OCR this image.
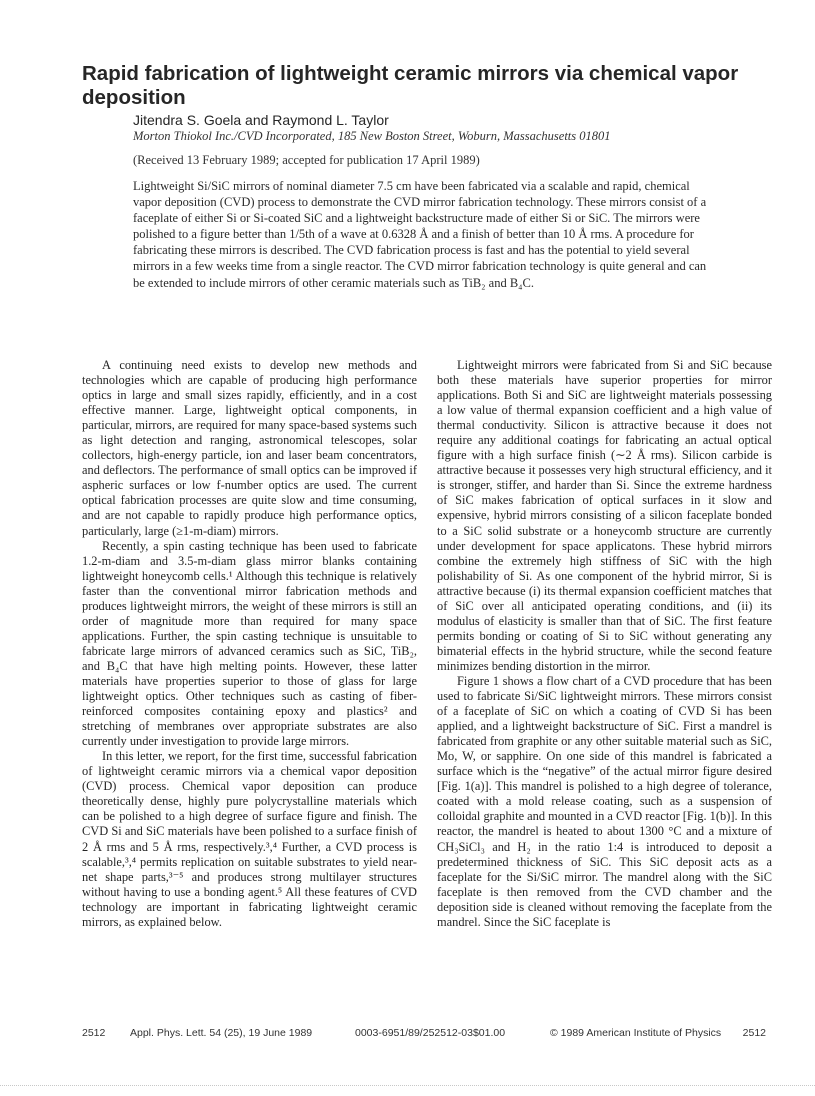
Rapid fabrication of lightweight ceramic mirrors via chemical vapor deposition
Jitendra S. Goela and Raymond L. Taylor
Morton Thiokol Inc./CVD Incorporated, 185 New Boston Street, Woburn, Massachusetts 01801
(Received 13 February 1989; accepted for publication 17 April 1989)

Lightweight Si/SiC mirrors of nominal diameter 7.5 cm have been fabricated via a scalable and rapid, chemical vapor deposition (CVD) process to demonstrate the CVD mirror fabrication technology. These mirrors consist of a faceplate of either Si or Si-coated SiC and a lightweight backstructure made of either Si or SiC. The mirrors were polished to a figure better than 1/5th of a wave at 0.6328 Å and a finish of better than 10 Å rms. A procedure for fabricating these mirrors is described. The CVD fabrication process is fast and has the potential to yield several mirrors in a few weeks time from a single reactor. The CVD mirror fabrication technology is quite general and can be extended to include mirrors of other ceramic materials such as TiB₂ and B₄C.

A continuing need exists to develop new methods and technologies which are capable of producing high performance optics in large and small sizes rapidly, efficiently, and in a cost effective manner. Large, lightweight optical components, in particular, mirrors, are required for many space-based systems such as light detection and ranging, astronomical telescopes, solar collectors, high-energy particle, ion and laser beam concentrators, and deflectors. The performance of small optics can be improved if aspheric surfaces or low f-number optics are used. The current optical fabrication processes are quite slow and time consuming, and are not capable to rapidly produce high performance optics, particularly, large (≥1-m-diam) mirrors.

Recently, a spin casting technique has been used to fabricate 1.2-m-diam and 3.5-m-diam glass mirror blanks containing lightweight honeycomb cells.¹ Although this technique is relatively faster than the conventional mirror fabrication methods and produces lightweight mirrors, the weight of these mirrors is still an order of magnitude more than required for many space applications. Further, the spin casting technique is unsuitable to fabricate large mirrors of advanced ceramics such as SiC, TiB₂, and B₄C that have high melting points. However, these latter materials have properties superior to those of glass for large lightweight optics. Other techniques such as casting of fiber-reinforced composites containing epoxy and plastics² and stretching of membranes over appropriate substrates are also currently under investigation to provide large mirrors.

In this letter, we report, for the first time, successful fabrication of lightweight ceramic mirrors via a chemical vapor deposition (CVD) process. Chemical vapor deposition can produce theoretically dense, highly pure polycrystalline materials which can be polished to a high degree of surface figure and finish. The CVD Si and SiC materials have been polished to a surface finish of 2 Å rms and 5 Å rms, respectively.³,⁴ Further, a CVD process is scalable,³,⁴ permits replication on suitable substrates to yield near-net shape parts,³⁻⁵ and produces strong multilayer structures without having to use a bonding agent.⁵ All these features of CVD technology are important in fabricating lightweight ceramic mirrors, as explained below.

Lightweight mirrors were fabricated from Si and SiC because both these materials have superior properties for mirror applications. Both Si and SiC are lightweight materials possessing a low value of thermal expansion coefficient and a high value of thermal conductivity. Silicon is attractive because it does not require any additional coatings for fabricating an actual optical figure with a high surface finish (∼2 Å rms). Silicon carbide is attractive because it possesses very high structural efficiency, and it is stronger, stiffer, and harder than Si. Since the extreme hardness of SiC makes fabrication of optical surfaces in it slow and expensive, hybrid mirrors consisting of a silicon faceplate bonded to a SiC solid substrate or a honeycomb structure are currently under development for space applicatons. These hybrid mirrors combine the extremely high stiffness of SiC with the high polishability of Si. As one component of the hybrid mirror, Si is attractive because (i) its thermal expansion coefficient matches that of SiC over all anticipated operating conditions, and (ii) its modulus of elasticity is smaller than that of SiC. The first feature permits bonding or coating of Si to SiC without generating any bimaterial effects in the hybrid structure, while the second feature minimizes bending distortion in the mirror.

Figure 1 shows a flow chart of a CVD procedure that has been used to fabricate Si/SiC lightweight mirrors. These mirrors consist of a faceplate of SiC on which a coating of CVD Si has been applied, and a lightweight backstructure of SiC. First a mandrel is fabricated from graphite or any other suitable material such as SiC, Mo, W, or sapphire. On one side of this mandrel is fabricated a surface which is the “negative” of the actual mirror figure desired [Fig. 1(a)]. This mandrel is polished to a high degree of tolerance, coated with a mold release coating, such as a suspension of colloidal graphite and mounted in a CVD reactor [Fig. 1(b)]. In this reactor, the mandrel is heated to about 1300 °C and a mixture of CH₃SiCl₃ and H₂ in the ratio 1:4 is introduced to deposit a predetermined thickness of SiC. This SiC deposit acts as a faceplate for the Si/SiC mirror. The mandrel along with the SiC faceplate is then removed from the CVD chamber and the deposition side is cleaned without removing the faceplate from the mandrel. Since the SiC faceplate is

2512 Appl. Phys. Lett. 54 (25), 19 June 1989	0003-6951/89/252512-03$01.00	© 1989 American Institute of Physics 2512
